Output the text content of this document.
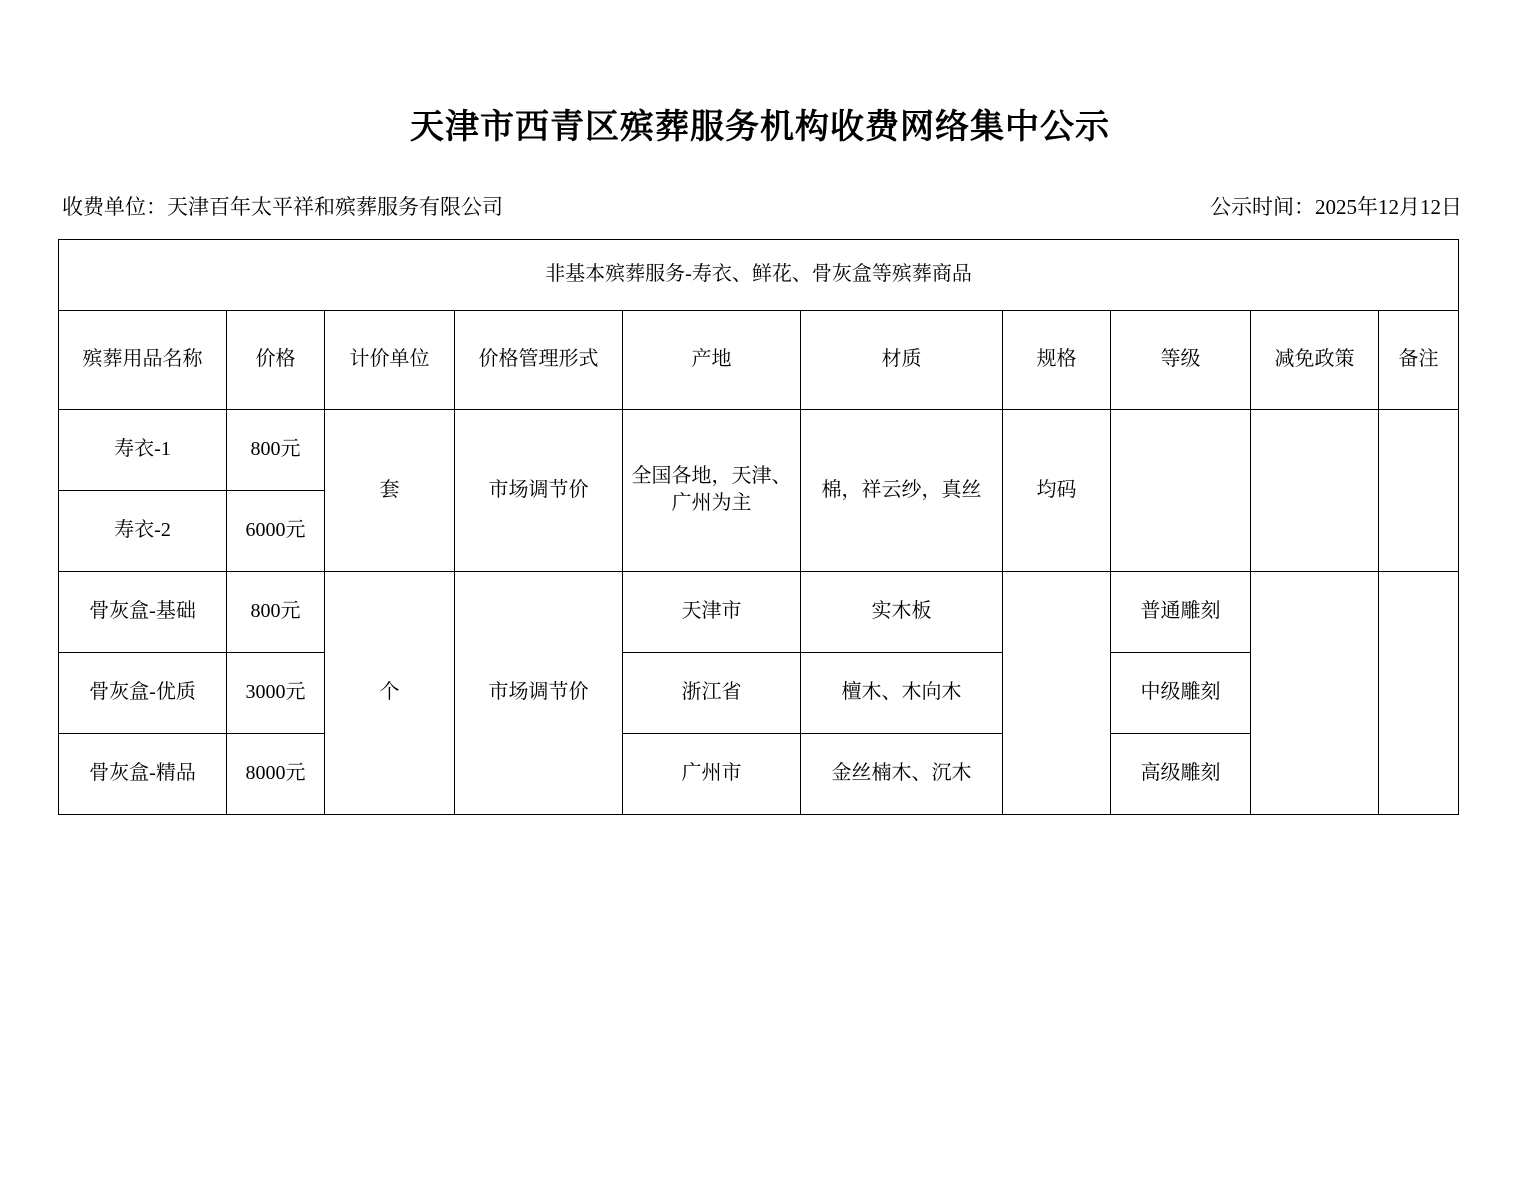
天津市西青区殡葬服务机构收费网络集中公示
收费单位：天津百年太平祥和殡葬服务有限公司	公示时间：2025年12月12日
非基本殡葬服务-寿衣、鲜花、骨灰盒等殡葬商品									
殡葬用品名称	价格	计价单位	价格管理形式	产地	材质	规格	等级	减免政策	备注
寿衣-1	800元	套	市场调节价	全国各地，天津、广州为主	棉，祥云纱，真丝	均码			
寿衣-2	6000元								
骨灰盒-基础	800元	个	市场调节价	天津市	实木板		普通雕刻		
骨灰盒-优质	3000元			浙江省	檀木、木向木		中级雕刻		
骨灰盒-精品	8000元			广州市	金丝楠木、沉木		高级雕刻		
